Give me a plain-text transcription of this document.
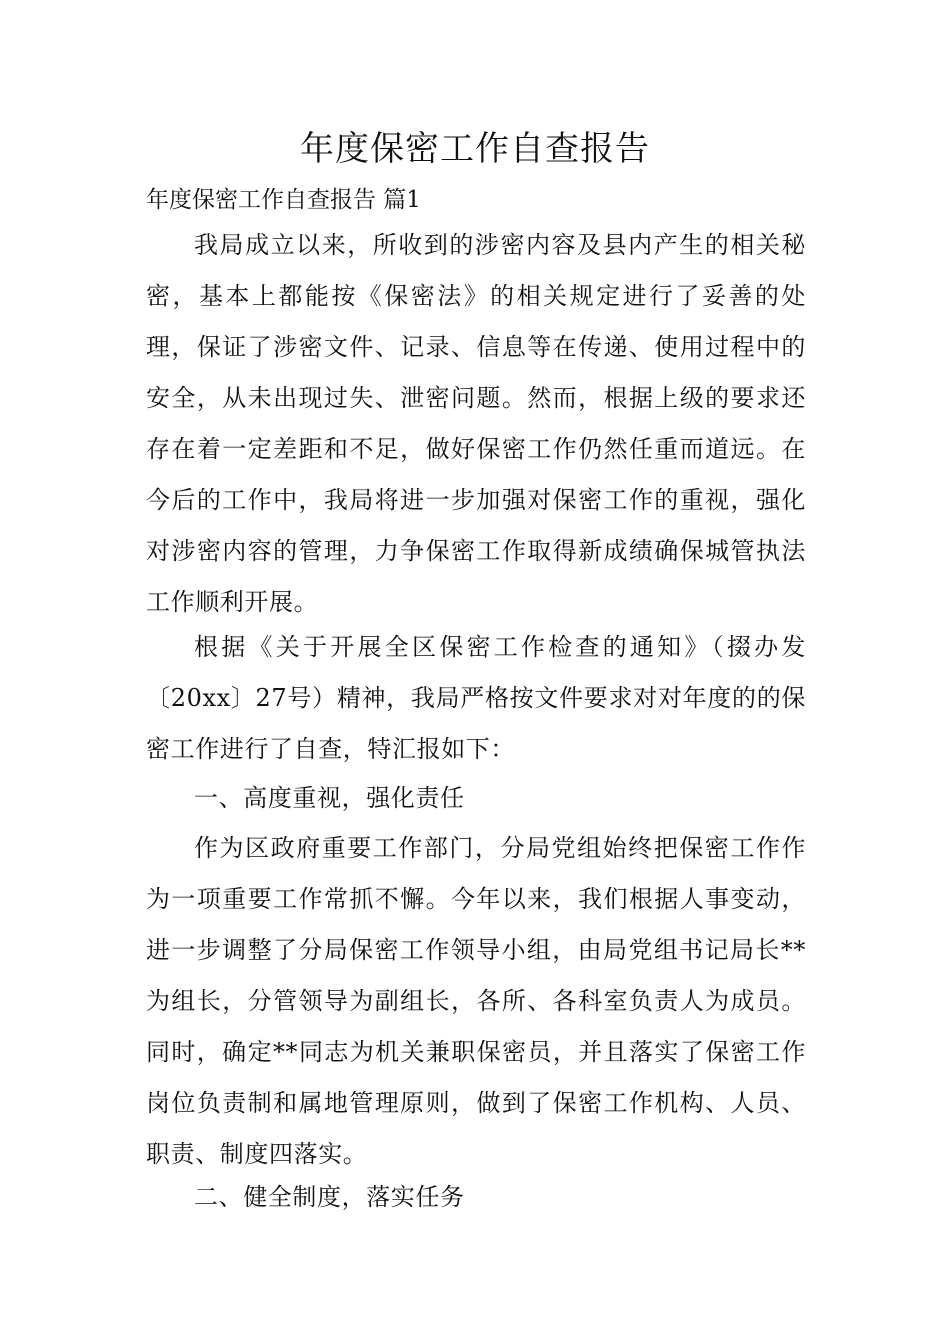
年度保密工作自查报告

年度保密工作自查报告 篇1

我局成立以来，所收到的涉密内容及县内产生的相关秘密，基本上都能按《保密法》的相关规定进行了妥善的处理，保证了涉密文件、记录、信息等在传递、使用过程中的安全，从未出现过失、泄密问题。然而，根据上级的要求还存在着一定差距和不足，做好保密工作仍然任重而道远。在今后的工作中，我局将进一步加强对保密工作的重视，强化对涉密内容的管理，力争保密工作取得新成绩确保城管执法工作顺利开展。

根据《关于开展全区保密工作检查的通知》（掇办发〔20xx〕27号）精神，我局严格按文件要求对对年度的的保密工作进行了自查，特汇报如下：

一、高度重视，强化责任

作为区政府重要工作部门，分局党组始终把保密工作作为一项重要工作常抓不懈。今年以来，我们根据人事变动，进一步调整了分局保密工作领导小组，由局党组书记局长**为组长，分管领导为副组长，各所、各科室负责人为成员。同时，确定**同志为机关兼职保密员，并且落实了保密工作岗位负责制和属地管理原则，做到了保密工作机构、人员、职责、制度四落实。

二、健全制度，落实任务
